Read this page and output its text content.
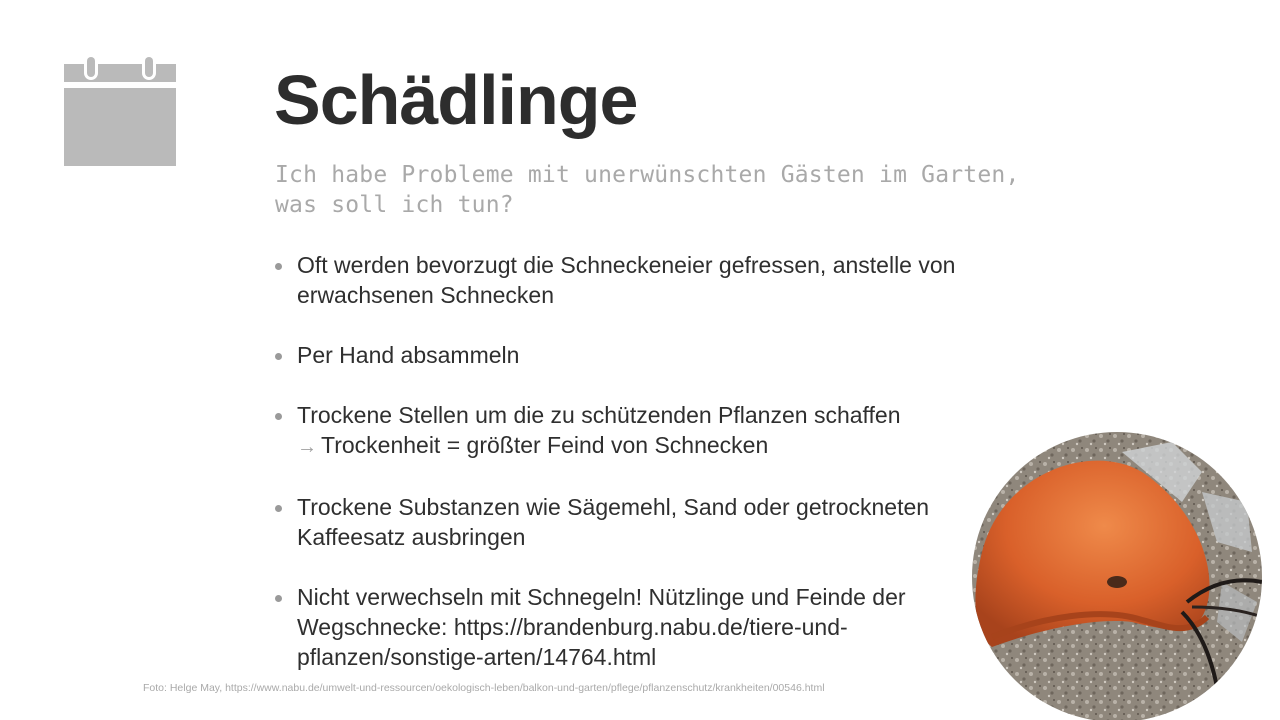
Schädlinge

Ich habe Probleme mit unerwünschten Gästen im Garten, was soll ich tun?

Oft werden bevorzugt die Schneckeneier gefressen, anstelle von
erwachsenen Schnecken
Per Hand absammeln
Trockene Stellen um die zu schützenden Pflanzen schaffen
→ Trockenheit = größter Feind von Schnecken
Trockene Substanzen wie Sägemehl, Sand oder getrockneten
Kaffeesatz ausbringen
Nicht verwechseln mit Schnegeln! Nützlinge und Feinde der
Wegschnecke: https://brandenburg.nabu.de/tiere-und-
pflanzen/sonstige-arten/14764.html
Foto: Helge May, https://www.nabu.de/umwelt-und-ressourcen/oekologisch-leben/balkon-und-garten/pflege/pflanzenschutz/krankheiten/00546.html
